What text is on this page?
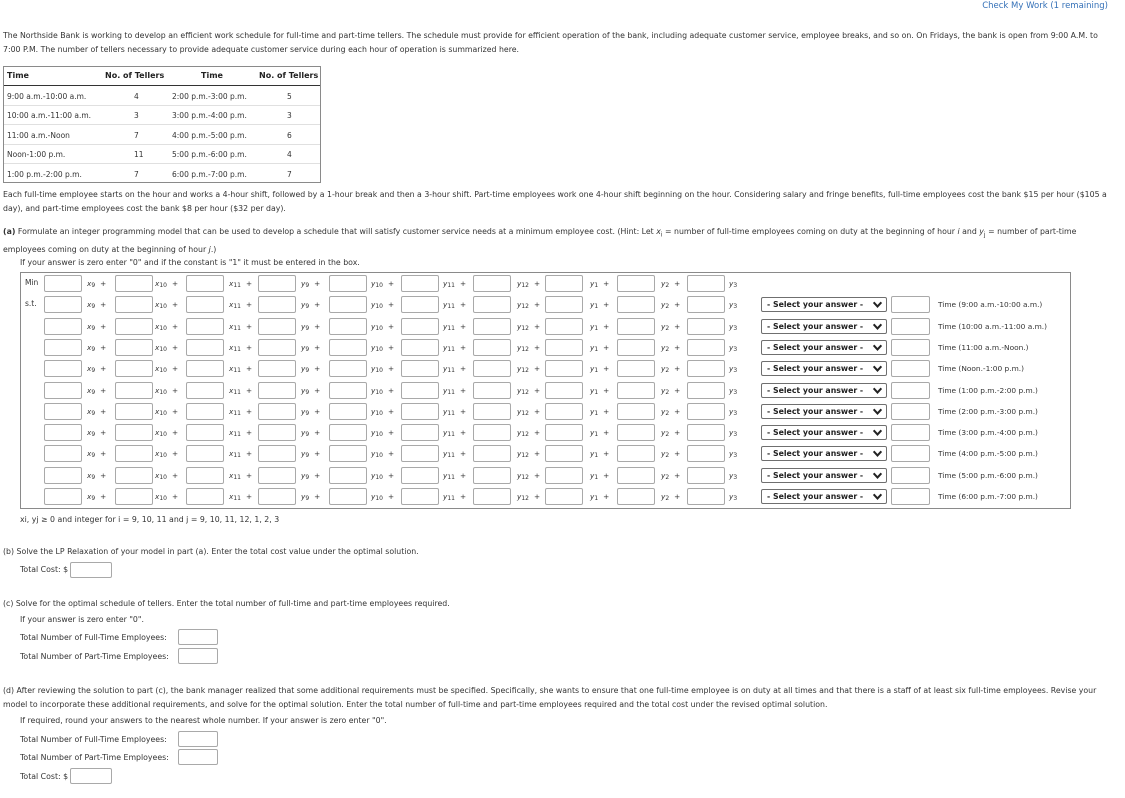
Check My Work (1 remaining)
The Northside Bank is working to develop an efficient work schedule for full-time and part-time tellers. The schedule must provide for efficient operation of the bank, including adequate customer service, employee breaks, and so on. On Fridays, the bank is open from 9:00 A.M. to 7:00 P.M. The number of tellers necessary to provide adequate customer service during each hour of operation is summarized here.
Time	No. of Tellers	Time	No. of Tellers
9:00 a.m.-10:00 a.m.	4	2:00 p.m.-3:00 p.m.	5
10:00 a.m.-11:00 a.m.	3	3:00 p.m.-4:00 p.m.	3
11:00 a.m.-Noon	7	4:00 p.m.-5:00 p.m.	6
Noon-1:00 p.m.	11	5:00 p.m.-6:00 p.m.	4
1:00 p.m.-2:00 p.m.	7	6:00 p.m.-7:00 p.m.	7
Each full-time employee starts on the hour and works a 4-hour shift, followed by a 1-hour break and then a 3-hour shift. Part-time employees work one 4-hour shift beginning on the hour. Considering salary and fringe benefits, full-time employees cost the bank $15 per hour ($105 a day), and part-time employees cost the bank $8 per hour ($32 per day).
(a) Formulate an integer programming model that can be used to develop a schedule that will satisfy customer service needs at a minimum employee cost. (Hint: Let $x_i$ = number of full-time employees coming on duty at the beginning of hour i and $y_j$ = number of part-time employees coming on duty at the beginning of hour j.)
If your answer is zero enter "0" and if the constant is "1" it must be entered in the box.
Min	$x_9$ +	$x_{10}$ +	$x_{11}$ +	$y_9$ +	$y_{10}$ +	$y_{11}$ +	$y_{12}$ +	$y_1$ +	$y_2$ +	$y_3$
s.t.	$x_9$ +	$x_{10}$ +	$x_{11}$ +	$y_9$ +	$y_{10}$ +	$y_{11}$ +	$y_{12}$ +	$y_1$ +	$y_2$ +	$y_3$	- Select your answer -	Time (9:00 a.m.-10:00 a.m.)
$x_9$ +	$x_{10}$ +	$x_{11}$ +	$y_9$ +	$y_{10}$ +	$y_{11}$ +	$y_{12}$ +	$y_1$ +	$y_2$ +	$y_3$	- Select your answer -	Time (10:00 a.m.-11:00 a.m.)
$x_9$ +	$x_{10}$ +	$x_{11}$ +	$y_9$ +	$y_{10}$ +	$y_{11}$ +	$y_{12}$ +	$y_1$ +	$y_2$ +	$y_3$	- Select your answer -	Time (11:00 a.m.-Noon.)
$x_9$ +	$x_{10}$ +	$x_{11}$ +	$y_9$ +	$y_{10}$ +	$y_{11}$ +	$y_{12}$ +	$y_1$ +	$y_2$ +	$y_3$	- Select your answer -	Time (Noon.-1:00 p.m.)
$x_9$ +	$x_{10}$ +	$x_{11}$ +	$y_9$ +	$y_{10}$ +	$y_{11}$ +	$y_{12}$ +	$y_1$ +	$y_2$ +	$y_3$	- Select your answer -	Time (1:00 p.m.-2:00 p.m.)
$x_9$ +	$x_{10}$ +	$x_{11}$ +	$y_9$ +	$y_{10}$ +	$y_{11}$ +	$y_{12}$ +	$y_1$ +	$y_2$ +	$y_3$	- Select your answer -	Time (2:00 p.m.-3:00 p.m.)
$x_9$ +	$x_{10}$ +	$x_{11}$ +	$y_9$ +	$y_{10}$ +	$y_{11}$ +	$y_{12}$ +	$y_1$ +	$y_2$ +	$y_3$	- Select your answer -	Time (3:00 p.m.-4:00 p.m.)
$x_9$ +	$x_{10}$ +	$x_{11}$ +	$y_9$ +	$y_{10}$ +	$y_{11}$ +	$y_{12}$ +	$y_1$ +	$y_2$ +	$y_3$	- Select your answer -	Time (4:00 p.m.-5:00 p.m.)
$x_9$ +	$x_{10}$ +	$x_{11}$ +	$y_9$ +	$y_{10}$ +	$y_{11}$ +	$y_{12}$ +	$y_1$ +	$y_2$ +	$y_3$	- Select your answer -	Time (5:00 p.m.-6:00 p.m.)
$x_9$ +	$x_{10}$ +	$x_{11}$ +	$y_9$ +	$y_{10}$ +	$y_{11}$ +	$y_{12}$ +	$y_1$ +	$y_2$ +	$y_3$	- Select your answer -	Time (6:00 p.m.-7:00 p.m.)
xi, yj ≥ 0 and integer for i = 9, 10, 11 and j = 9, 10, 11, 12, 1, 2, 3
(b) Solve the LP Relaxation of your model in part (a). Enter the total cost value under the optimal solution.
Total Cost: $
(c) Solve for the optimal schedule of tellers. Enter the total number of full-time and part-time employees required.
If your answer is zero enter "0".
Total Number of Full-Time Employees:
Total Number of Part-Time Employees:
(d) After reviewing the solution to part (c), the bank manager realized that some additional requirements must be specified. Specifically, she wants to ensure that one full-time employee is on duty at all times and that there is a staff of at least six full-time employees. Revise your model to incorporate these additional requirements, and solve for the optimal solution. Enter the total number of full-time and part-time employees required and the total cost under the revised optimal solution.
If required, round your answers to the nearest whole number. If your answer is zero enter "0".
Total Number of Full-Time Employees:
Total Number of Part-Time Employees:
Total Cost: $
